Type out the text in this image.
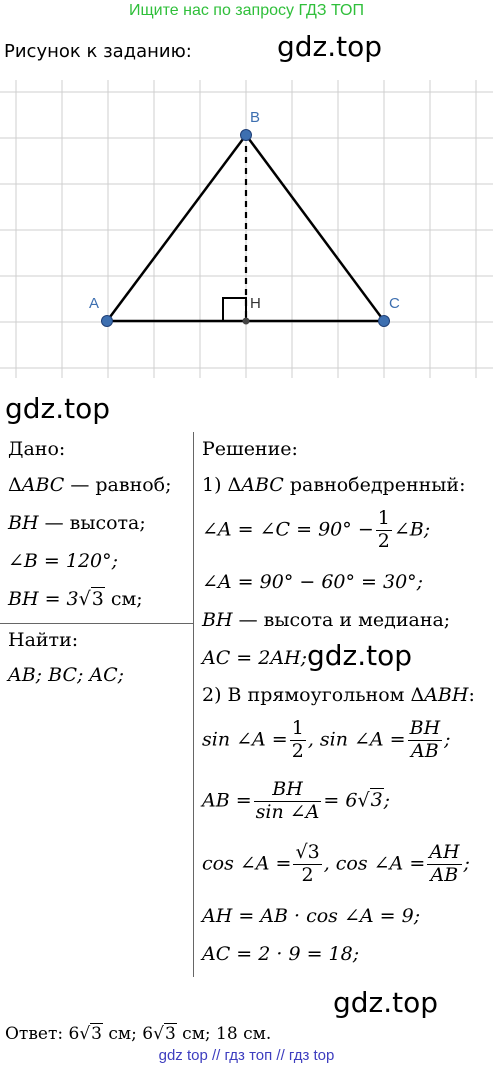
Ищите нас по запросу ГДЗ ТОП
Рисунок к заданию:	gdz.top
A
B
C
H
gdz.top
Дано:
ΔABC — равноб;
BH — высота;
∠B = 120°;
BH = 3√3 см;
Найти:
AB; BC; AC;
Решение:
1) ΔABC равнобедренный:
∠A = ∠C = $90^\circ - \frac{1}{2}$ ∠B;
∠A = 90° − 60° = 30°;
BH — высота и медиана;
AC = 2AH; gdz.top
2) В прямоугольном ΔABH:
sin ∠A = $\frac{1}{2}$ , sin ∠A = $\frac{BH}{AB}$ ;
AB = $\frac{BH}{\sin \angle A} = 6√3$;
cos ∠A = $\frac{√3}{2}$ , cos ∠A = $\frac{AH}{AB}$ ;
AH = AB · cos ∠A = 9;
AC = 2 · 9 = 18;
gdz.top
Ответ: 6√3 см; 6√3 см; 18 см.
gdz top // гдз топ // гдз top
